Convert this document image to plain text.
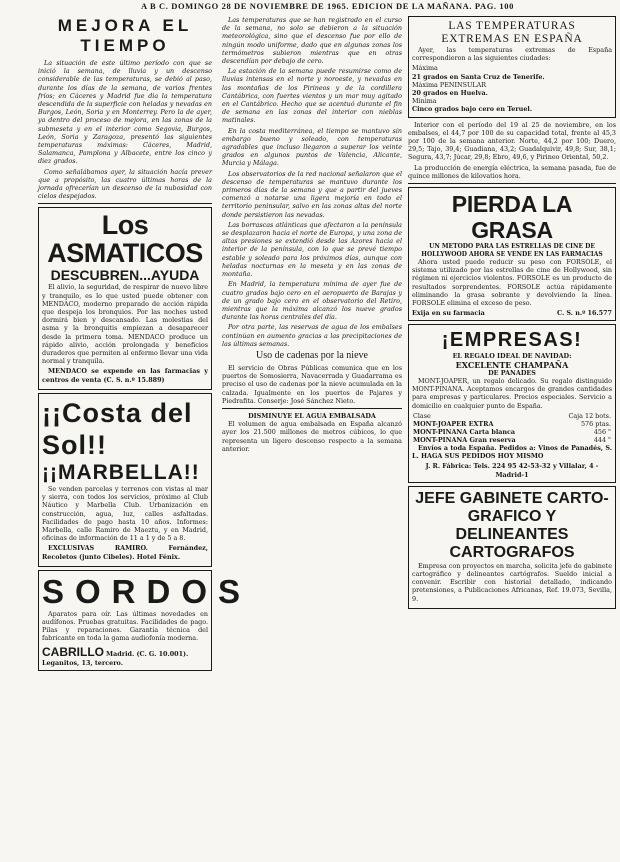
A B C. DOMINGO 28 DE NOVIEMBRE DE 1965. EDICION DE LA MAÑANA. PAG. 100
MEJORA EL TIEMPO

La situación de este último período con que se inició la semana, de lluvia y un descenso considerable de las temperaturas, se debió al paso, durante los días de la semana, de varios frentes fríos; en Cáceres y Madrid fue dia la temperatura descendida de la superficie con heladas y nevadas en Burgos, León, Soria y en Monterrey. Pero la de ayer, ya dentro del proceso de mejora, en las zonas de la submeseta y en el interior como Segovia, Burgos, León, Soria y Zaragoza, presentó las siguientes temperaturas máximas: Cáceres, Madrid, Salamanca, Pamplona y Albacete, entre los cinco y diez grados.

Como señalábamos ayer, la situación hacía prever que a propósito, las cuatro últimas horas de la jornada ofrecerían un descenso de la nubosidad con cielos despejados.

Los ASMATICOS
DESCUBREN...AYUDA

El alivio, la seguridad, de respirar de nuevo libre y tranquilo, es lo que usted puede obtener con MENDACO, moderno preparado de acción rápida que despeja los bronquios. Por las noches usted dormirá bien y descansado. Las molestias del asma y la bronquitis empiezan a desaparecer desde la primera toma. MENDACO produce un rápido alivio, acción prolongada y beneficios duraderos que permiten al enfermo llevar una vida normal y tranquila.

MENDACO se expende en las farmacias y centros de venta (C. S. n.º 15.889)

¡¡Costa del Sol!!
¡¡MARBELLA!!

Se venden parcelas y terrenos con vistas al mar y sierra, con todos los servicios, próximo al Club Náutico y Marbella Club. Urbanización en construcción, agua, luz, calles asfaltadas. Facilidades de pago hasta 10 años. Informes: Marbella, calle Ramiro de Maeztu, y en Madrid, oficinas de información de 11 a 1 y de 5 a 8.

EXCLUSIVAS RAMIRO. Fernández, Recoletos (junto Cibeles). Hotel Fénix.

SORDOS

Aparatos para oír. Las últimas novedades en audífonos. Pruebas gratuitas. Facilidades de pago. Pilas y reparaciones. Garantía técnica del fabricante en toda la gama audiofonía moderna.

CABRILLO Madrid. (C. G. 10.001). Leganitos, 13, tercero.

Las temperaturas que se han registrado en el curso de la semana, no solo se debieron a la situación meteorológica, sino que el descenso fue por ello de ningún modo uniforme, dado que en algunas zonas los termómetros subieron mientras que en otras descendían por debajo de cero.

La estación de la semana puede resumirse como de lluvias intensas en el norte y noroeste, y nevadas en las montañas de los Pirineos y de la cordillera Cantábrica, con fuertes vientos y un mar muy agitado en el Cantábrico. Hecho que se acentuó durante el fin de semana en las zonas del interior con nieblas matinales.

En la costa mediterránea, el tiempo se mantuvo sin embargo bueno y soleado, con temperaturas agradables que incluso llegaron a superar los veinte grados en algunos puntos de Valencia, Alicante, Murcia y Málaga.

Los observatorios de la red nacional señalaron que el descenso de temperaturas se mantuvo durante los primeros días de la semana y que a partir del jueves comenzó a notarse una ligera mejoría en todo el territorio peninsular, salvo en las zonas altas del norte donde persistieron las nevadas.

Las borrascas atlánticas que afectaron a la península se desplazaron hacia el norte de Europa, y una zona de altas presiones se extendió desde las Azores hacia el interior de la península, con lo que se prevé tiempo estable y soleado para los próximos días, aunque con heladas nocturnas en la meseta y en las zonas de montaña.

En Madrid, la temperatura mínima de ayer fue de cuatro grados bajo cero en el aeropuerto de Barajas y de un grado bajo cero en el observatorio del Retiro, mientras que la máxima alcanzó los nueve grados durante las horas centrales del día.

Por otra parte, las reservas de agua de los embalses continúan en aumento gracias a las precipitaciones de las últimas semanas.

Uso de cadenas por la nieve

El servicio de Obras Públicas comunica que en los puertos de Somosierra, Navacerrada y Guadarrama es preciso el uso de cadenas por la nieve acumulada en la calzada. Igualmente en los puertos de Pajares y Piedrafita. Conserje: José Sánchez Nieto.

DISMINUYE EL AGUA EMBALSADA

El volumen de agua embalsada en España alcanzó ayer los 21.500 millones de metros cúbicos, lo que representa un ligero descenso respecto a la semana anterior.

LAS TEMPERATURAS
EXTREMAS EN ESPAÑA

Ayer, las temperaturas extremas de España correspondieron a las siguientes ciudades:

Máxima
21 grados en Santa Cruz de Tenerife.
Máxima PENINSULAR
20 grados en Huelva.
Mínima
Cinco grados bajo cero en Teruel.

Interior con el período del 19 al 25 de noviembre, en los embalses, el 44,7 por 100 de su capacidad total, frente al 45,3 por 100 de la semana anterior. Norte, 44,2 por 100; Duero, 29,5; Tajo, 39,4; Guadiana, 43,2; Guadalquivir, 49,8; Sur, 38,1; Segura, 43,7; Júcar, 29,8; Ebro, 49,6, y Pirineo Oriental, 50,2.

La producción de energía eléctrica, la semana pasada, fue de quince millones de kilovatios hora.

PIERDA LA GRASA
UN METODO PARA LAS ESTRELLAS DE CINE DE HOLLYWOOD AHORA SE VENDE EN LAS FARMACIAS

Ahora usted puede reducir su peso con FORSOLE, el sistema utilizado por las estrellas de cine de Hollywood, sin régimen ni ejercicios violentos. FORSOLE es un producto de resultados sorprendentes. FORSOLE actúa rápidamente eliminando la grasa sobrante y devolviendo la línea. FORSOLE elimina el exceso de peso.

Exija en su farmacia	C. S. n.º 16.577
¡EMPRESAS!
EL REGALO IDEAL DE NAVIDAD:
EXCELENTE CHAMPAÑA
DE PANADES

MONT-JOAPER, un regalo delicado. Su regalo distinguido MONT-PINANA. Aceptamos encargos de grandes cantidades para empresas y particulares. Precios especiales. Servicio a domicilio en cualquier punto de España.

Clase	Caja 12 bots.
MONT-JOAPER EXTRA	576 ptas.
MONT-PINANA Carta blanca	456 "
MONT-PINANA Gran reserva	444 "

Envíos a toda España. Pedidos a: Vinos de Panadés, S. L. HAGA SUS PEDIDOS HOY MISMO

J. R. Fábrica: Tels. 224 95 42-53-32 y Villalar, 4 - Madrid-1
JEFE GABINETE CARTO-
GRAFICO Y DELINEANTES
CARTOGRAFOS

Empresa con proyectos en marcha, solicita jefe de gabinete cartográfico y delineantes cartógrafos. Sueldo inicial a convenir. Escribir con historial detallado, indicando pretensiones, a Publicaciones Africanas, Ref. 19.073, Sevilla, 9.
